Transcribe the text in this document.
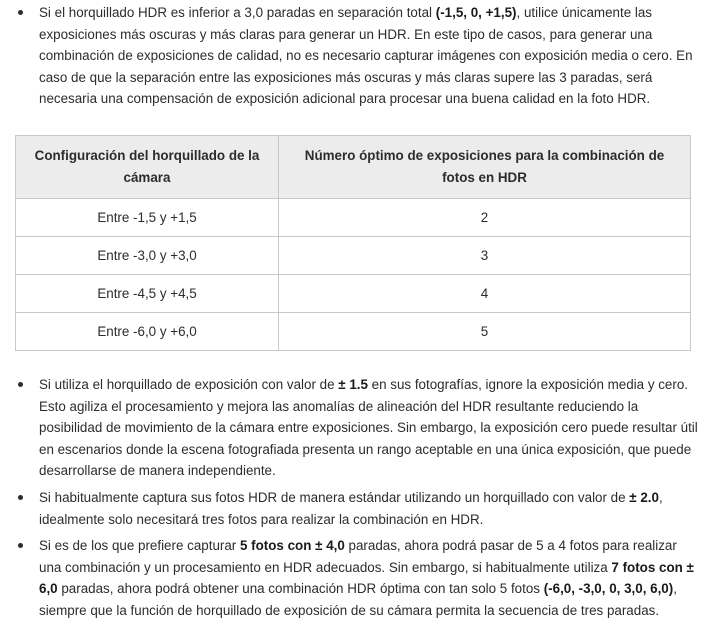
Si el horquillado HDR es inferior a 3,0 paradas en separación total (-1,5, 0, +1,5), utilice únicamente las exposiciones más oscuras y más claras para generar un HDR. En este tipo de casos, para generar una combinación de exposiciones de calidad, no es necesario capturar imágenes con exposición media o cero. En caso de que la separación entre las exposiciones más oscuras y más claras supere las 3 paradas, será necesaria una compensación de exposición adicional para procesar una buena calidad en la foto HDR.
Configuración del horquillado de la cámara	Número óptimo de exposiciones para la combinación de fotos en HDR
Entre -1,5 y +1,5	2
Entre -3,0 y +3,0	3
Entre -4,5 y +4,5	4
Entre -6,0 y +6,0	5
Si utiliza el horquillado de exposición con valor de ± 1.5 en sus fotografías, ignore la exposición media y cero. Esto agiliza el procesamiento y mejora las anomalías de alineación del HDR resultante reduciendo la posibilidad de movimiento de la cámara entre exposiciones. Sin embargo, la exposición cero puede resultar útil en escenarios donde la escena fotografiada presenta un rango aceptable en una única exposición, que puede desarrollarse de manera independiente.
Si habitualmente captura sus fotos HDR de manera estándar utilizando un horquillado con valor de ± 2.0, idealmente solo necesitará tres fotos para realizar la combinación en HDR.
Si es de los que prefiere capturar 5 fotos con ± 4,0 paradas, ahora podrá pasar de 5 a 4 fotos para realizar una combinación y un procesamiento en HDR adecuados. Sin embargo, si habitualmente utiliza 7 fotos con ± 6,0 paradas, ahora podrá obtener una combinación HDR óptima con tan solo 5 fotos (-6,0, -3,0, 0, 3,0, 6,0), siempre que la función de horquillado de exposición de su cámara permita la secuencia de tres paradas.
